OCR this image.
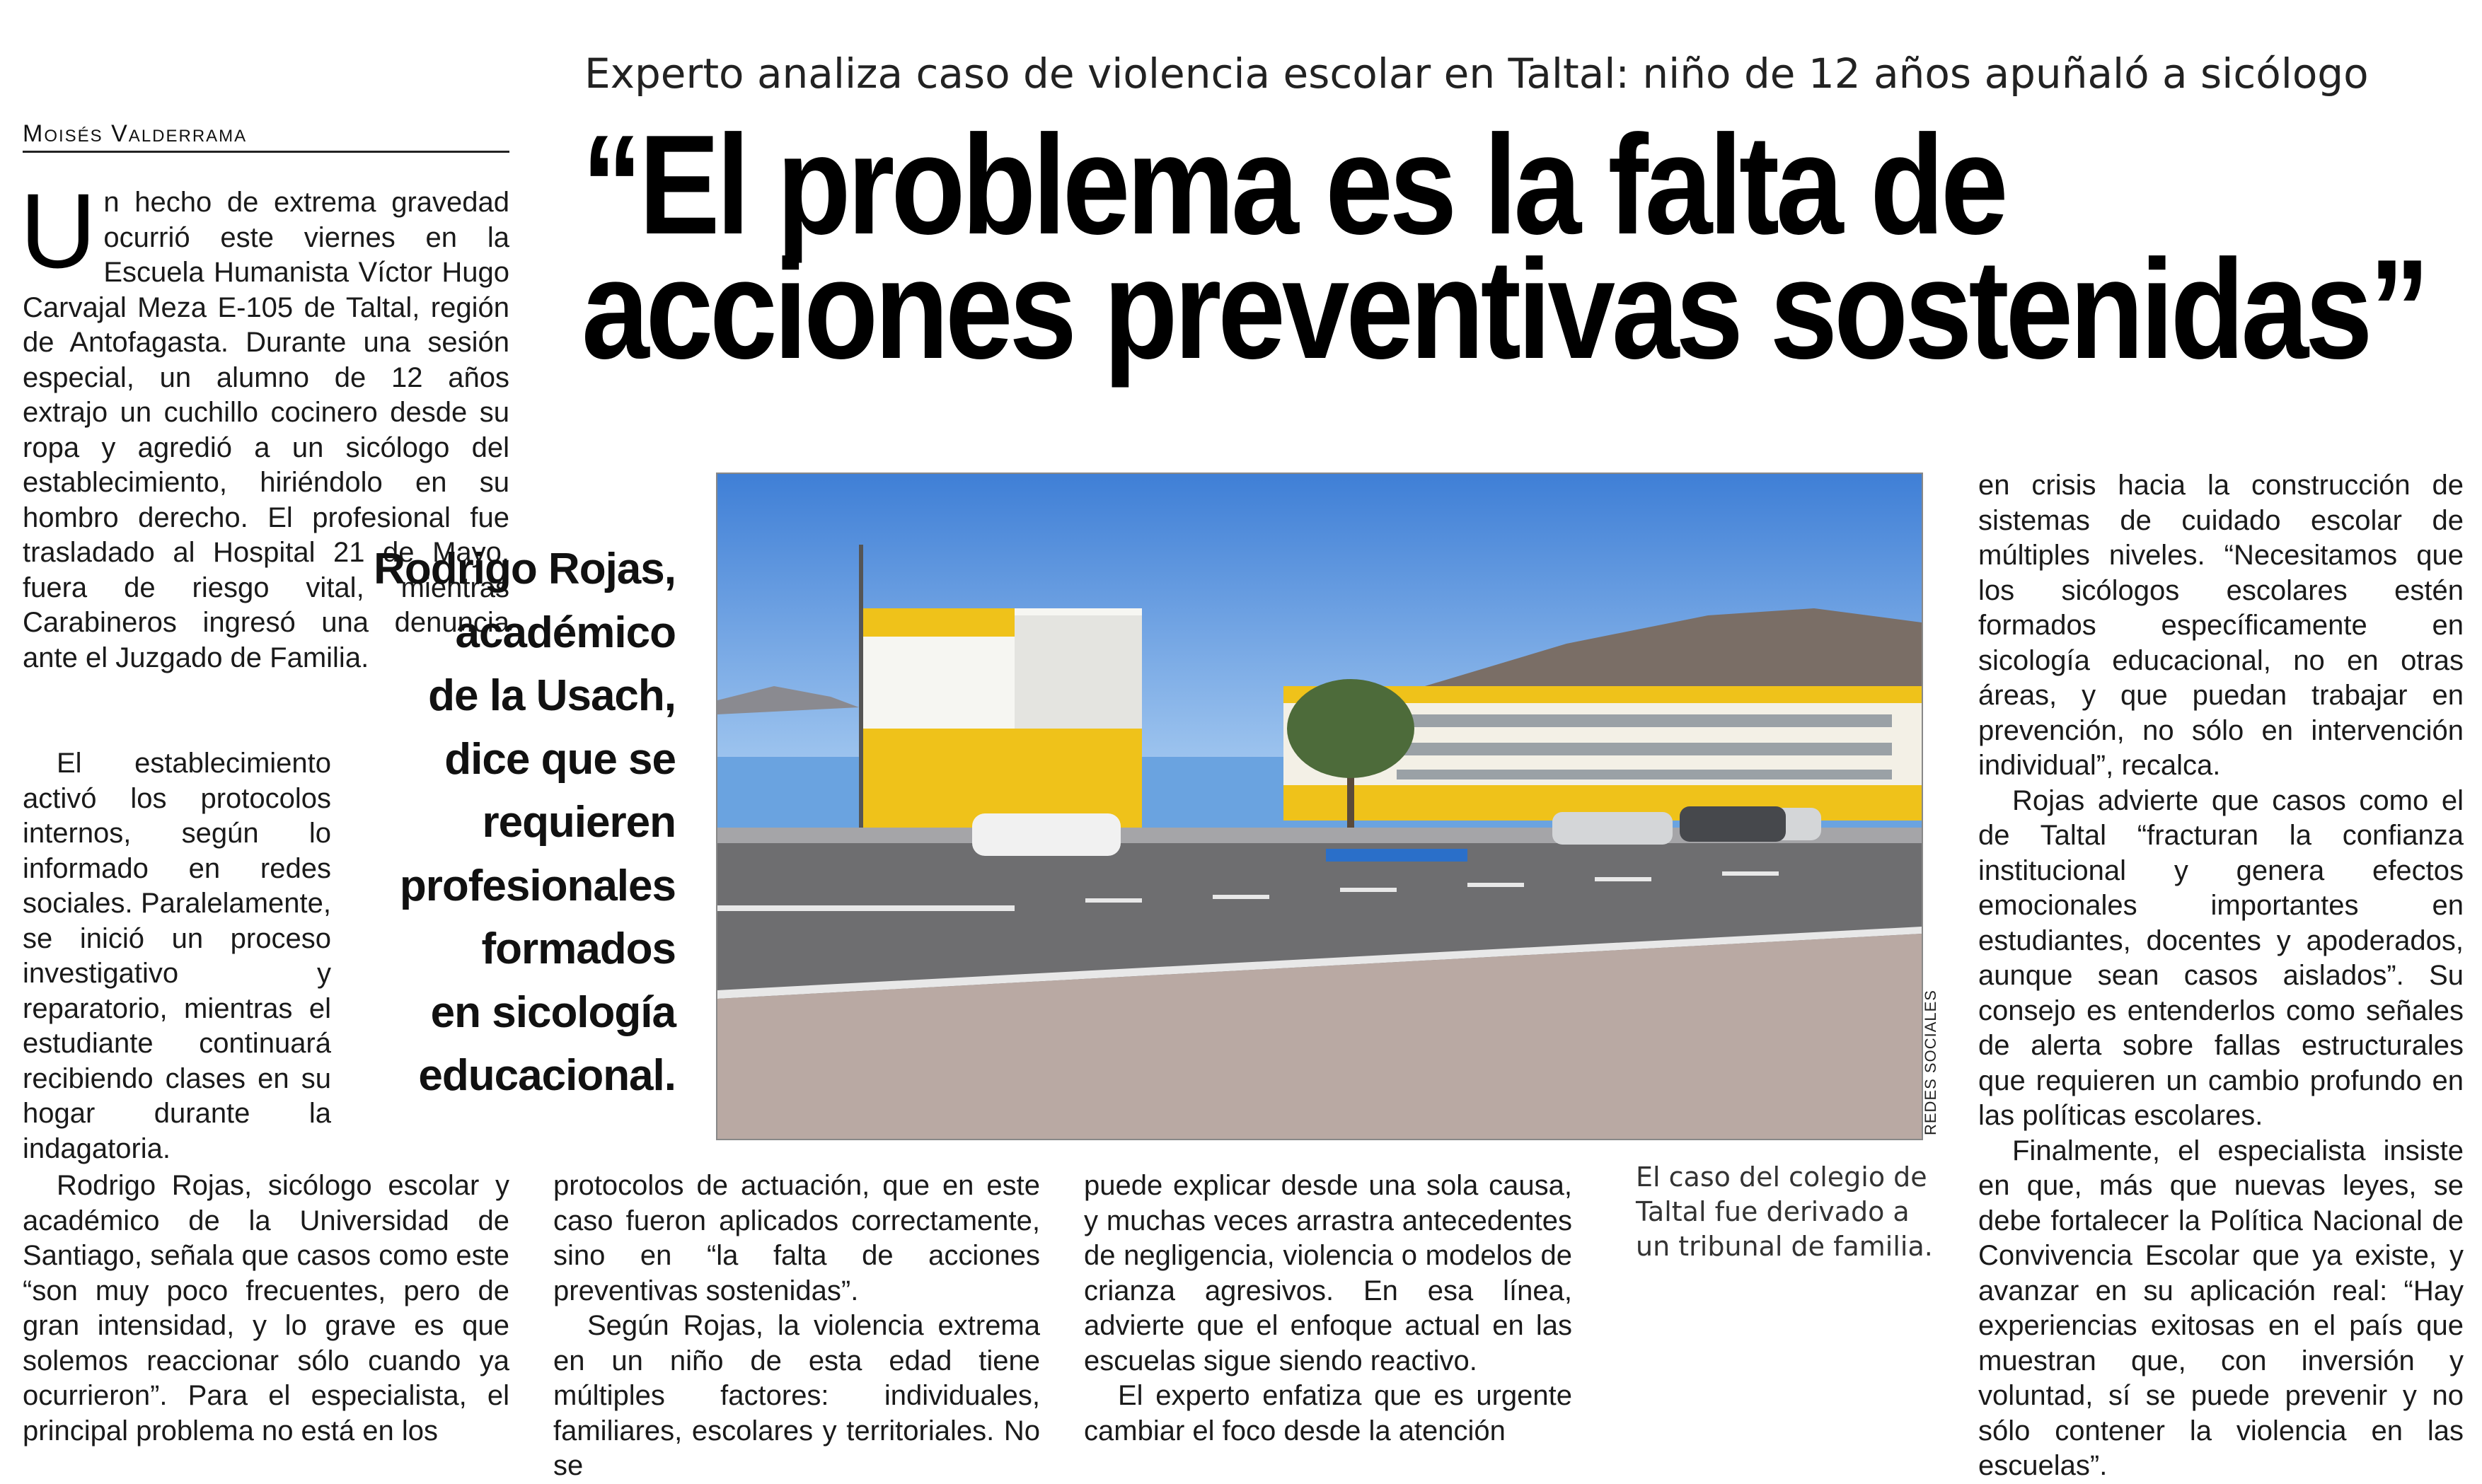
Experto analiza caso de violencia escolar en Taltal: niño de 12 años apuñaló a sicólogo
Moisés Valderrama	“El problema es la falta de
acciones preventivas sostenidas”

Un hecho de extrema gravedad ocurrió este viernes en la Escuela Humanista Víctor Hugo Carvajal Meza E-105 de Taltal, región de Antofagasta. Durante una sesión especial, un alumno de 12 años extrajo un cuchillo cocinero desde su ropa y agredió a un sicólogo del establecimiento, hiriéndolo en su hombro derecho. El profesional fue trasladado al Hospital 21 de Mayo, fuera de riesgo vital, mientras Carabineros ingresó una denuncia ante el Juzgado de Familia.

El establecimiento activó los protocolos internos, según lo informado en redes sociales. Paralelamente, se inició un proceso investigativo y reparatorio, mientras el estudiante continuará recibiendo clases en su hogar durante la indagatoria.

Rodrigo Rojas, sicólogo escolar y académico de la Universidad de Santiago, señala que casos como este “son muy poco frecuentes, pero de gran intensidad, y lo grave es que solemos reaccionar sólo cuando ya ocurrieron”. Para el especialista, el principal problema no está en los

Rodrigo Rojas,
académico
de la Usach,
dice que se
requieren
profesionales
formados
en sicología
educacional.	REDES SOCIALES
El caso del colegio de
Taltal fue derivado a
un tribunal de familia.

protocolos de actuación, que en este caso fueron aplicados correctamente, sino en “la falta de acciones preventivas sostenidas”.

Según Rojas, la violencia extrema en un niño de esta edad tiene múltiples factores: individuales, familiares, escolares y territoriales. No se

puede explicar desde una sola causa, y muchas veces arrastra antecedentes de negligencia, violencia o modelos de crianza agresivos. En esa línea, advierte que el enfoque actual en las escuelas sigue siendo reactivo.

El experto enfatiza que es urgente cambiar el foco desde la atención

en crisis hacia la construcción de sistemas de cuidado escolar de múltiples niveles. “Necesitamos que los sicólogos escolares estén formados específicamente en sicología educacional, no en otras áreas, y que puedan trabajar en prevención, no sólo en intervención individual”, recalca.

Rojas advierte que casos como el de Taltal “fracturan la confianza institucional y genera efectos emocionales importantes en estudiantes, docentes y apoderados, aunque sean casos aislados”. Su consejo es entenderlos como señales de alerta sobre fallas estructurales que requieren un cambio profundo en las políticas escolares.

Finalmente, el especialista insiste en que, más que nuevas leyes, se debe fortalecer la Política Nacional de Convivencia Escolar que ya existe, y avanzar en su aplicación real: “Hay experiencias exitosas en el país que muestran que, con inversión y voluntad, sí se puede prevenir y no sólo contener la violencia en las escuelas”.
